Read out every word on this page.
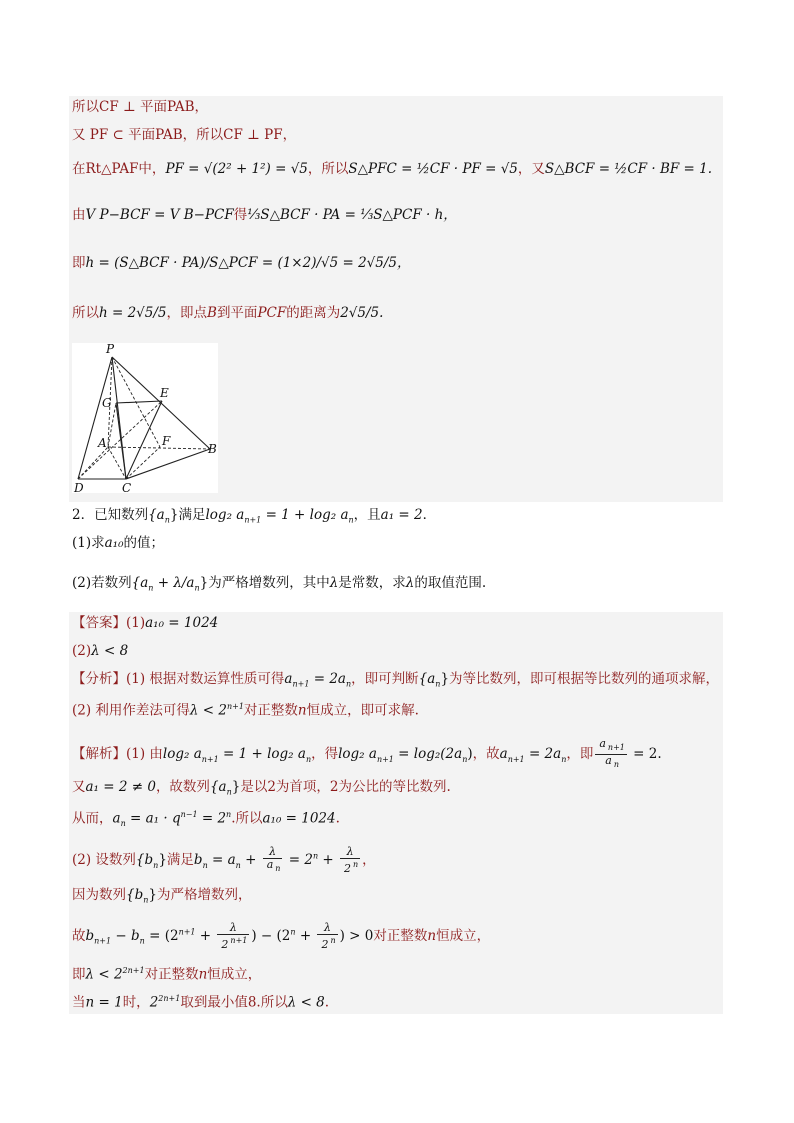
所以CF ⊥ 平面PAB，
又 PF ⊂ 平面PAB，所以CF ⊥ PF，
在Rt△PAF中，PF = √(2² + 1²) = √5，所以S△PFC = ½CF · PF = √5，又S△BCF = ½CF · BF = 1.
由V P−BCF = V B−PCF得⅓S△BCF · PA = ⅓S△PCF · h，
即h = (S△BCF · PA)/S△PCF = (1×2)/√5 = 2√5/5，
所以h = 2√5/5，即点B到平面PCF的距离为2√5/5.
P
G
E
A	F
B
D	C
2．已知数列$\{a_n\}$满足log₂ $a_{n+1} = 1 + \log_2$ $a_n$，且a₁ = 2．
(1)求a₁₀的值；
(2)若数列$\{a_n + \lambda/a_n\}$为严格增数列，其中λ是常数，求λ的取值范围.
【答案】(1)a₁₀ = 1024
(2)λ < 8
【分析】(1) 根据对数运算性质可得$a_{n+1} = 2a_n$，即可判断$\{a_n\}$为等比数列，即可根据等比数列的通项求解，
(2) 利用作差法可得$\lambda < 2^{n+1}$对正整数n恒成立，即可求解.
【解析】(1) 由log₂ $a_{n+1} = 1 + \log_2$ $a_n$，得log₂ $a_{n+1} = \log_2(2a_n)$，故$a_{n+1} = 2a_n$，即 $\frac{a _{n+1}}{a _n} = 2$.
又a₁ = 2 ≠ 0，故数列$\{a_n\}$是以2为首项，2为公比的等比数列.
从而，$a_n = a_1 \cdot q^{n-1} = 2^n$.所以a₁₀ = 1024.
(2) 设数列$\{b_n\}$满足$b_n = a_n + \frac{\lambda}{a _n} = 2^n + \frac{\lambda}{2 ^n}$ ，
因为数列$\{b_n\}$为严格增数列，
故$b_{n+1} - b_n = (2^{n+1} + \frac{\lambda}{2 ^{n+1}}$ ) − ($2^n + \frac{\lambda}{2 ^n}$ ) > 0对正整数n恒成立，
即$\lambda < 2^{2n+1}$对正整数n恒成立，
当n = 1时，$2^{2n+1}$取到最小值8.所以λ < 8.
